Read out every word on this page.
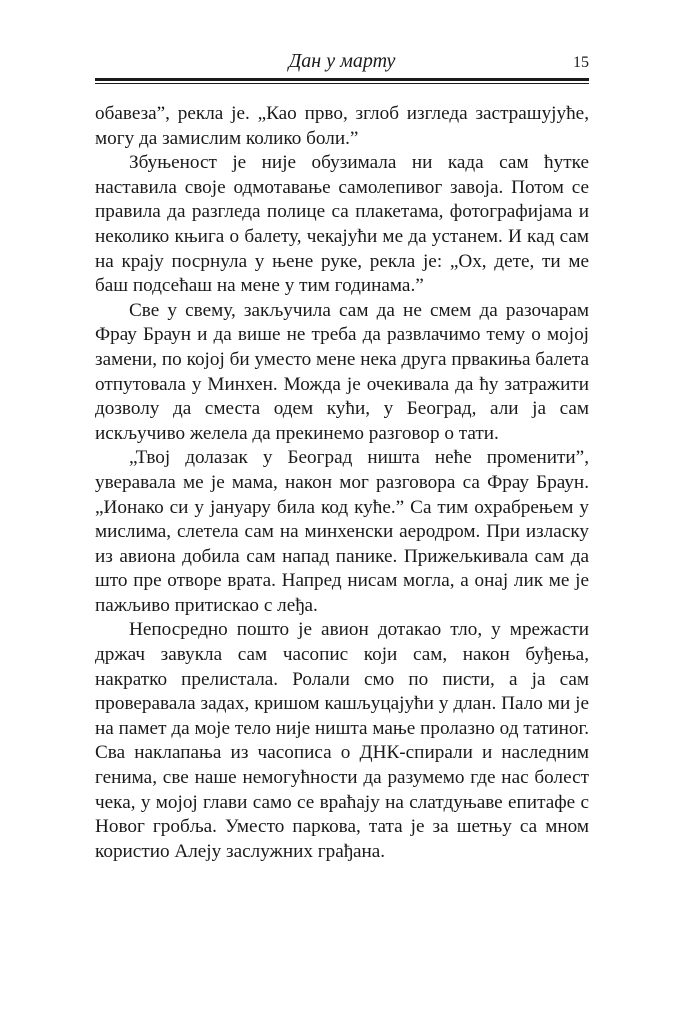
Дан у марту	15

обавеза”, рекла је. „Као прво, зглоб изгледа застрашујуће, могу да замислим колико боли.”

Збуњеност је није обузимала ни када сам ћутке наставила своје одмотавање самолепивог завоја. Потом се правила да разгледа полице са плакетама, фотографијама и неколико књига о балету, чекајући ме да устанем. И кад сам на крају посрнула у њене руке, рекла је: „Ох, дете, ти ме баш подсећаш на мене у тим годинама.”

Све у свему, закључила сам да не смем да разочарам Фрау Браун и да више не треба да развлачимо тему о мојој замени, по којој би уместо мене нека друга првакиња балета отпутовала у Минхен. Можда је очекивала да ћу затражити дозволу да сместа одем кући, у Београд, али ја сам искључиво желела да прекинемо разговор о тати.

„Твој долазак у Београд ништа неће променити”, уверавала ме је мама, након мог разговора са Фрау Браун. „Ионако си у јануару била код куће.” Са тим охрабрењем у мислима, слетела сам на минхенски аеродром. При изласку из авиона добила сам напад панике. Прижељкивала сам да што пре отворе врата. Напред нисам могла, а онај лик ме је пажљиво притискао с леђа.

Непосредно пошто је авион дотакао тло, у мрежасти држач завукла сам часопис који сам, након буђења, накратко прелистала. Ролали смо по писти, а ја сам проверавала задах, кришом кашљуцајући у длан. Пало ми је на памет да моје тело није ништа мање пролазно од татиног. Сва наклапања из часописа о ДНК-спирали и наследним генима, све наше немогућности да разумемо где нас болест чека, у мојој глави само се враћају на слатдуњаве епитафе с Новог гробља. Уместо паркова, тата је за шетњу са мном користио Алеју заслужних грађана.
